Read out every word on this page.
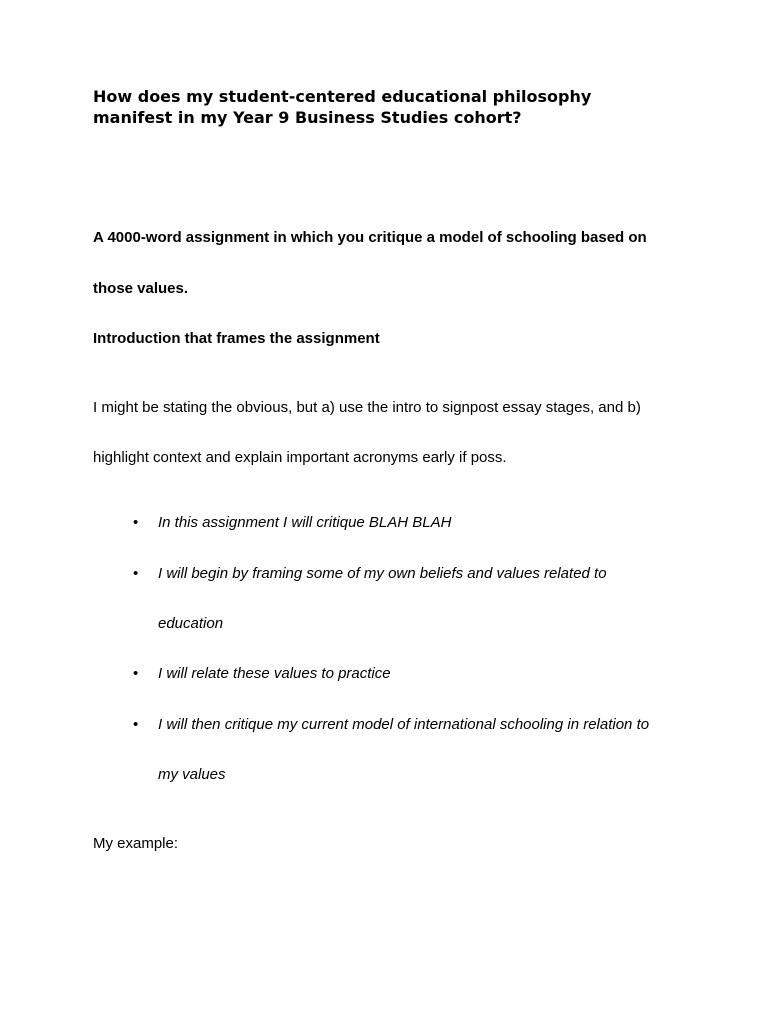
How does my student-centered educational philosophy
manifest in my Year 9 Business Studies cohort?

A 4000-word assignment in which you critique a model of schooling based on

those values.

Introduction that frames the assignment

I might be stating the obvious, but a) use the intro to signpost essay stages, and b)

highlight context and explain important acronyms early if poss.

• In this assignment I will critique BLAH BLAH

• I will begin by framing some of my own beliefs and values related to

education

• I will relate these values to practice

• I will then critique my current model of international schooling in relation to

my values

My example:
